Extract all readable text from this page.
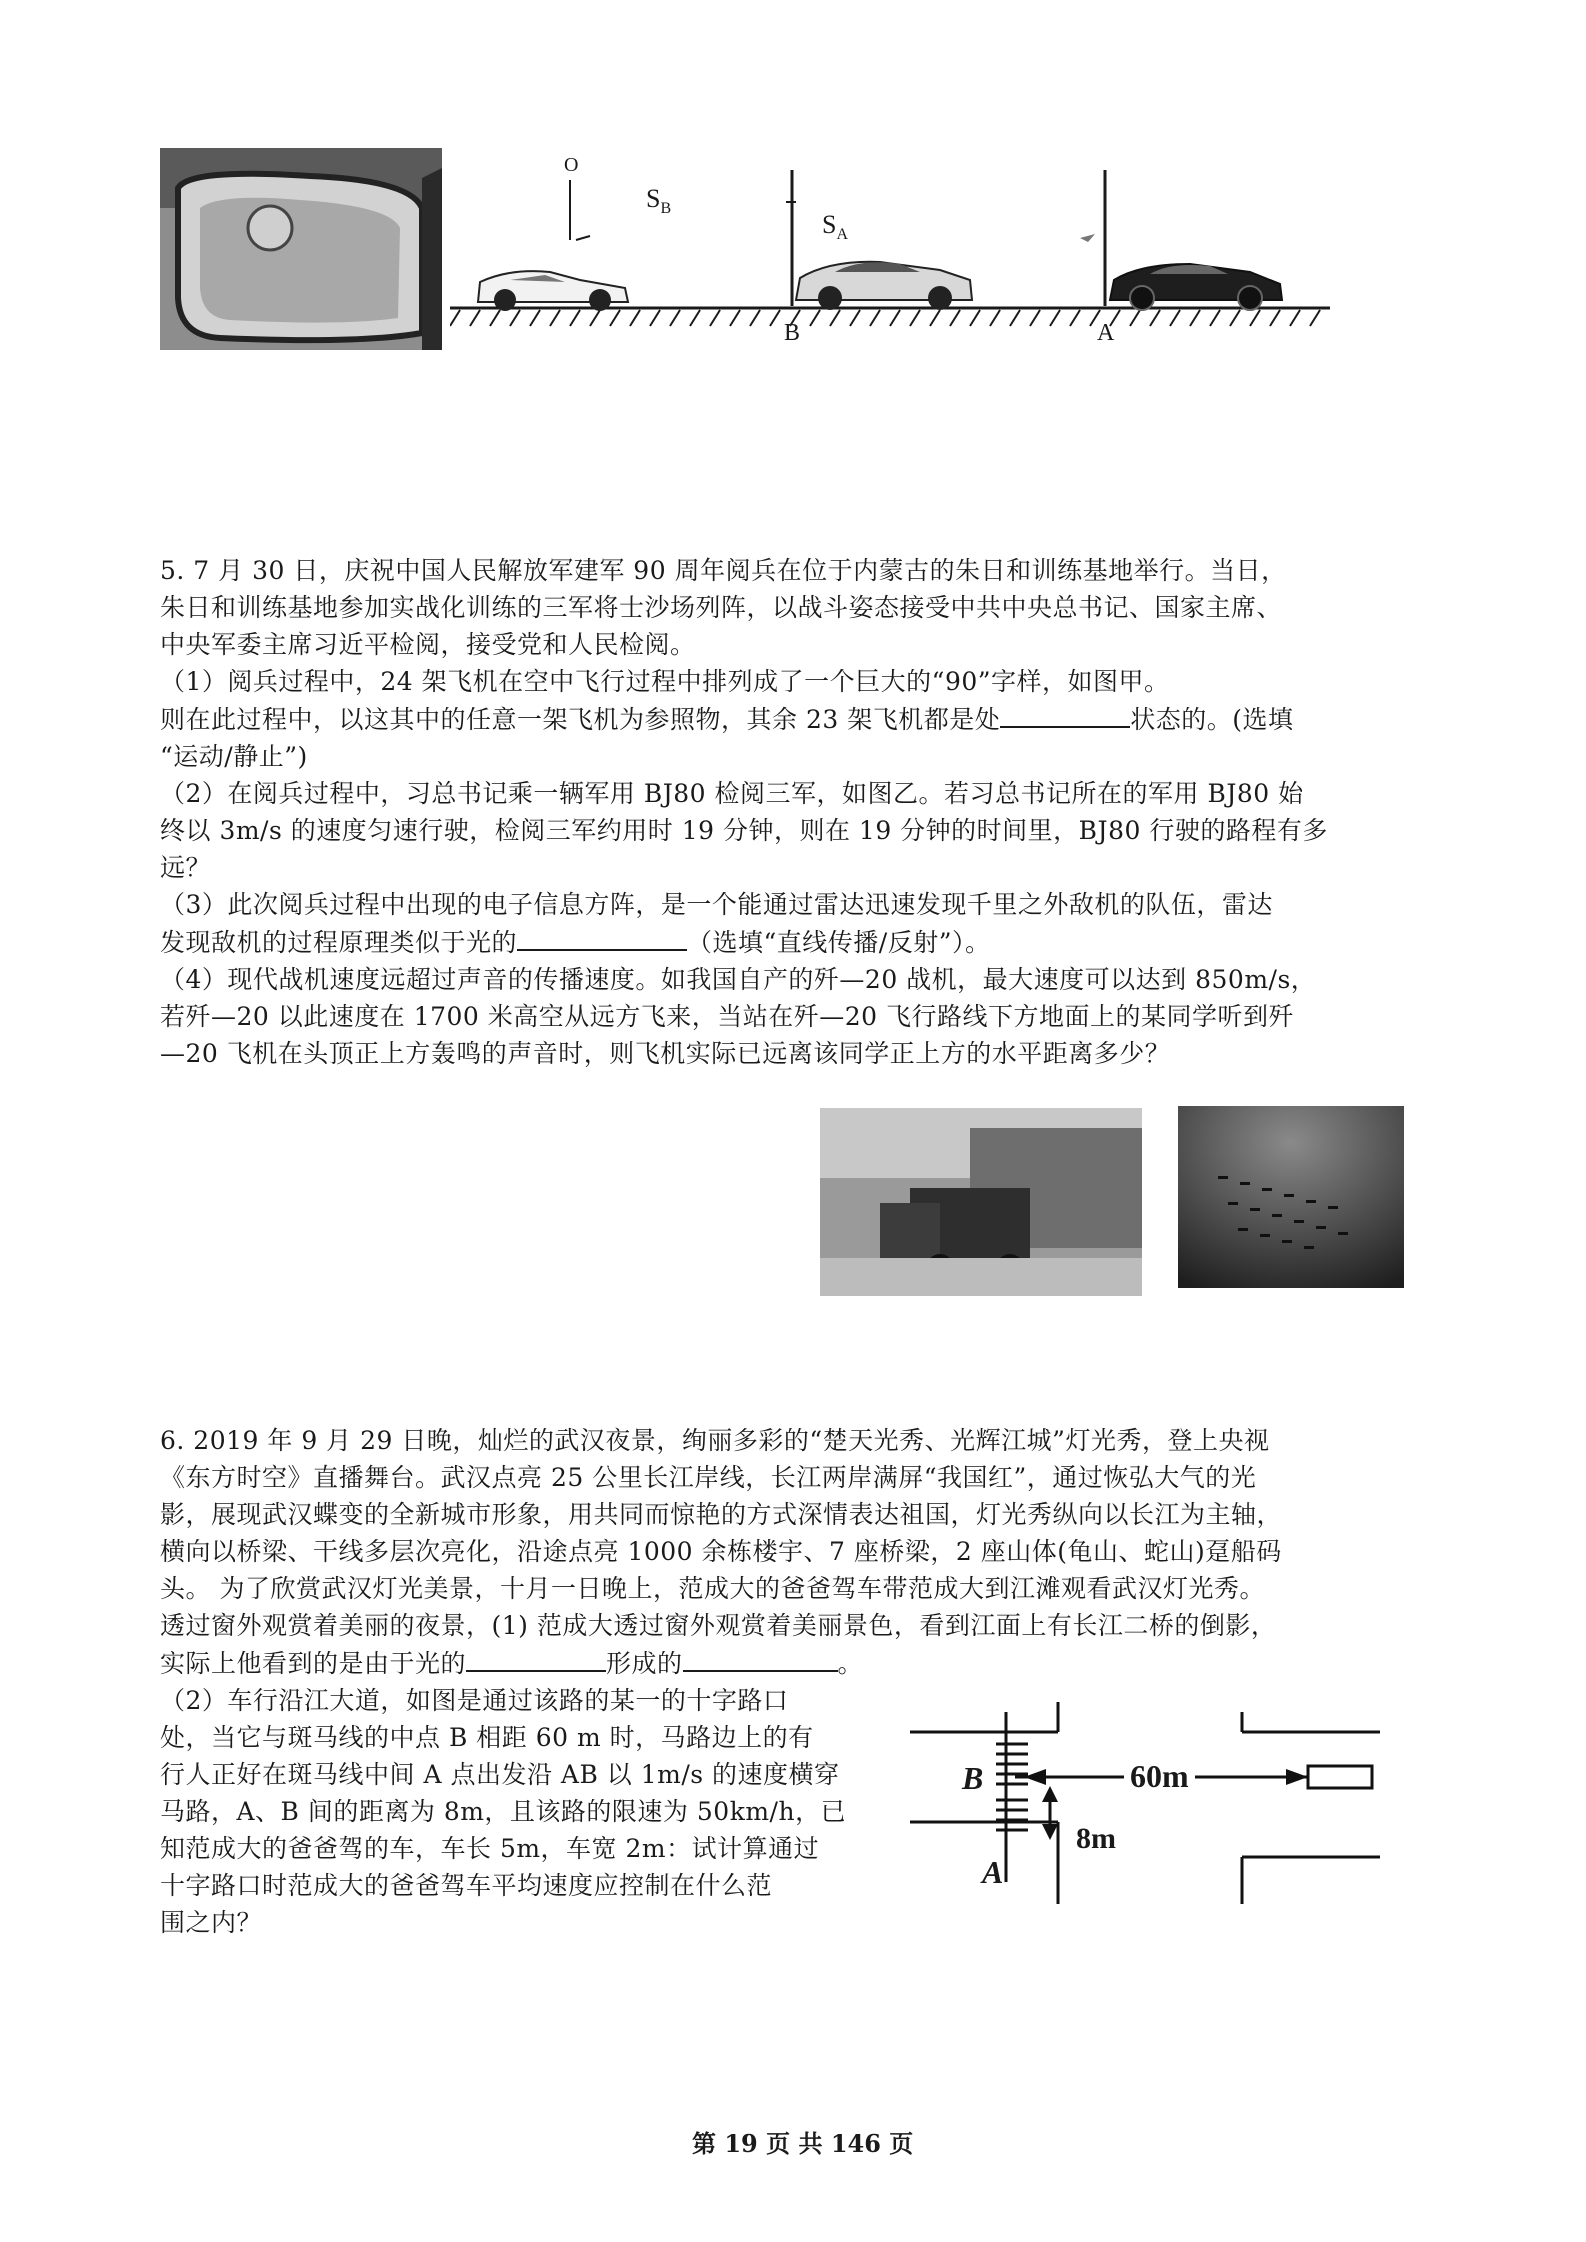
O
$S_B$
$S_A$
B	A
5. 7 月 30 日，庆祝中国人民解放军建军 90 周年阅兵在位于内蒙古的朱日和训练基地举行。当日，
朱日和训练基地参加实战化训练的三军将士沙场列阵，以战斗姿态接受中共中央总书记、国家主席、
中央军委主席习近平检阅，接受党和人民检阅。
（1）阅兵过程中，24 架飞机在空中飞行过程中排列成了一个巨大的“90”字样，如图甲。
则在此过程中，以这其中的任意一架飞机为参照物，其余 23 架飞机都是处	状态的。(选填
“运动/静止”)
（2）在阅兵过程中，习总书记乘一辆军用 BJ80 检阅三军，如图乙。若习总书记所在的军用 BJ80 始
终以 3m/s 的速度匀速行驶，检阅三军约用时 19 分钟，则在 19 分钟的时间里，BJ80 行驶的路程有多
远？
（3）此次阅兵过程中出现的电子信息方阵，是一个能通过雷达迅速发现千里之外敌机的队伍，雷达
发现敌机的过程原理类似于光的	（选填“直线传播/反射”）。
（4）现代战机速度远超过声音的传播速度。如我国自产的歼—20 战机，最大速度可以达到 850m/s，
若歼—20 以此速度在 1700 米高空从远方飞来，当站在歼—20 飞行路线下方地面上的某同学听到歼
—20 飞机在头顶正上方轰鸣的声音时，则飞机实际已远离该同学正上方的水平距离多少？
6. 2019 年 9 月 29 日晚，灿烂的武汉夜景，绚丽多彩的“楚天光秀、光辉江城”灯光秀，登上央视
《东方时空》直播舞台。武汉点亮 25 公里长江岸线，长江两岸满屏“我国红”，通过恢弘大气的光
影，展现武汉蝶变的全新城市形象，用共同而惊艳的方式深情表达祖国，灯光秀纵向以长江为主轴，
横向以桥梁、干线多层次亮化，沿途点亮 1000 余栋楼宇、7 座桥梁，2 座山体(龟山、蛇山)趸船码
头。 为了欣赏武汉灯光美景，十月一日晚上，范成大的爸爸驾车带范成大到江滩观看武汉灯光秀。
透过窗外观赏着美丽的夜景，(1) 范成大透过窗外观赏着美丽景色，看到江面上有长江二桥的倒影，
实际上他看到的是由于光的	形成的	。
（2）车行沿江大道，如图是通过该路的某一的十字路口
处，当它与斑马线的中点 B 相距 60 m 时，马路边上的有
行人正好在斑马线中间 A 点出发沿 AB 以 1m/s 的速度横穿
马路，A、B 间的距离为 8m，且该路的限速为 50km/h，已
知范成大的爸爸驾的车，车长 5m，车宽 2m：试计算通过
十字路口时范成大的爸爸驾车平均速度应控制在什么范
围之内？
B
A
60m
8m
第 19 页 共 146 页
